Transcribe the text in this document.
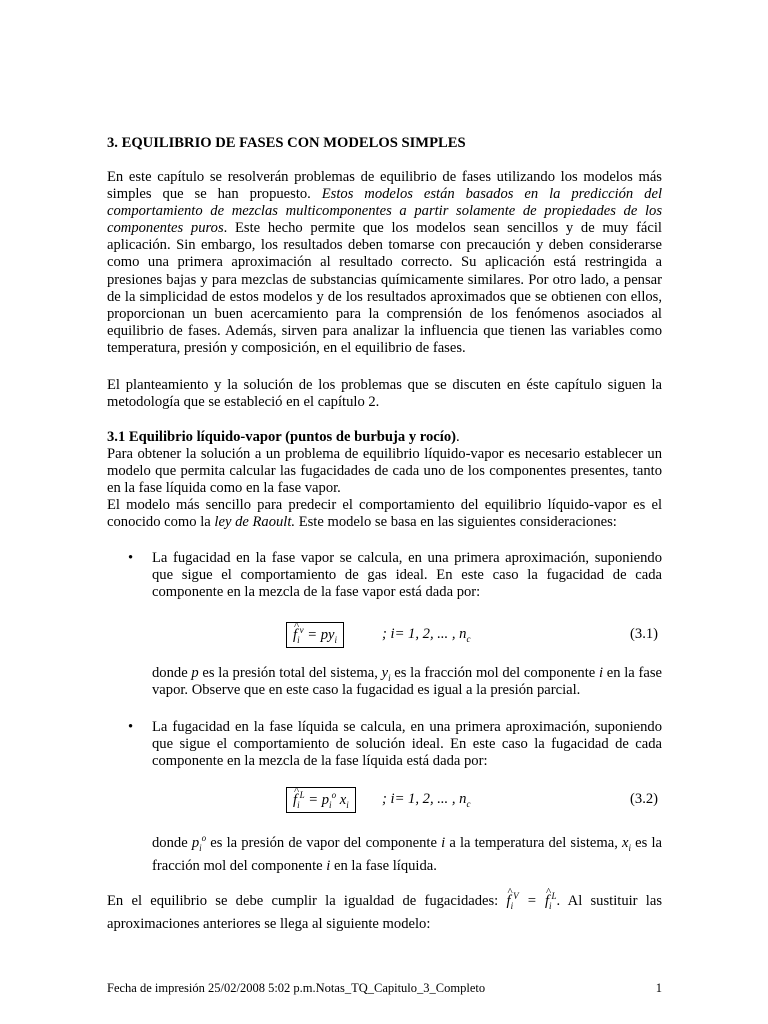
3. EQUILIBRIO DE FASES CON MODELOS SIMPLES

En este capítulo se resolverán problemas de equilibrio de fases utilizando los modelos más simples que se han propuesto. Estos modelos están basados en la predicción del comportamiento de mezclas multicomponentes a partir solamente de propiedades de los componentes puros. Este hecho permite que los modelos sean sencillos y de muy fácil aplicación. Sin embargo, los resultados deben tomarse con precaución y deben considerarse como una primera aproximación al resultado correcto. Su aplicación está restringida a presiones bajas y para mezclas de substancias químicamente similares. Por otro lado, a pensar de la simplicidad de estos modelos y de los resultados aproximados que se obtienen con ellos, proporcionan un buen acercamiento para la comprensión de los fenómenos asociados al equilibrio de fases. Además, sirven para analizar la influencia que tienen las variables como temperatura, presión y composición, en el equilibrio de fases.

El planteamiento y la solución de los problemas que se discuten en éste capítulo siguen la metodología que se estableció en el capítulo 2.

3.1 Equilibrio líquido-vapor (puntos de burbuja y rocío).
Para obtener la solución a un problema de equilibrio líquido-vapor es necesario establecer un modelo que permita calcular las fugacidades de cada uno de los componentes presentes, tanto en la fase líquida como en la fase vapor.
El modelo más sencillo para predecir el comportamiento del equilibrio líquido-vapor es el conocido como la ley de Raoult. Este modelo se basa en las siguientes consideraciones:
• La fugacidad en la fase vapor se calcula, en una primera aproximación, suponiendo que sigue el comportamiento de gas ideal. En este caso la fugacidad de cada componente en la mezcla de la fase vapor está dada por:
^ $f_i^v = py_i$	; i= 1, 2, ... , $n_c$	(3.1)
donde p es la presión total del sistema, $y_i$ es la fracción mol del componente i en la fase vapor. Observe que en este caso la fugacidad es igual a la presión parcial.
• La fugacidad en la fase líquida se calcula, en una primera aproximación, suponiendo que sigue el comportamiento de solución ideal. En este caso la fugacidad de cada componente en la mezcla de la fase líquida está dada por:
^ $f_i^L = p_i^o$ $x_i$	; i= 1, 2, ... , $n_c$	(3.2)
donde $p_i^o$ es la presión de vapor del componente i a la temperatura del sistema, $x_i$ es la fracción mol del componente i en la fase líquida.

En el equilibrio se debe cumplir la igualdad de fugacidades: ^ $f_i^V$ = ^ $f_i^L$. Al sustituir las aproximaciones anteriores se llega al siguiente modelo:

Fecha de impresión 25/02/2008 5:02 p.m.Notas_TQ_Capitulo_3_Completo	1
